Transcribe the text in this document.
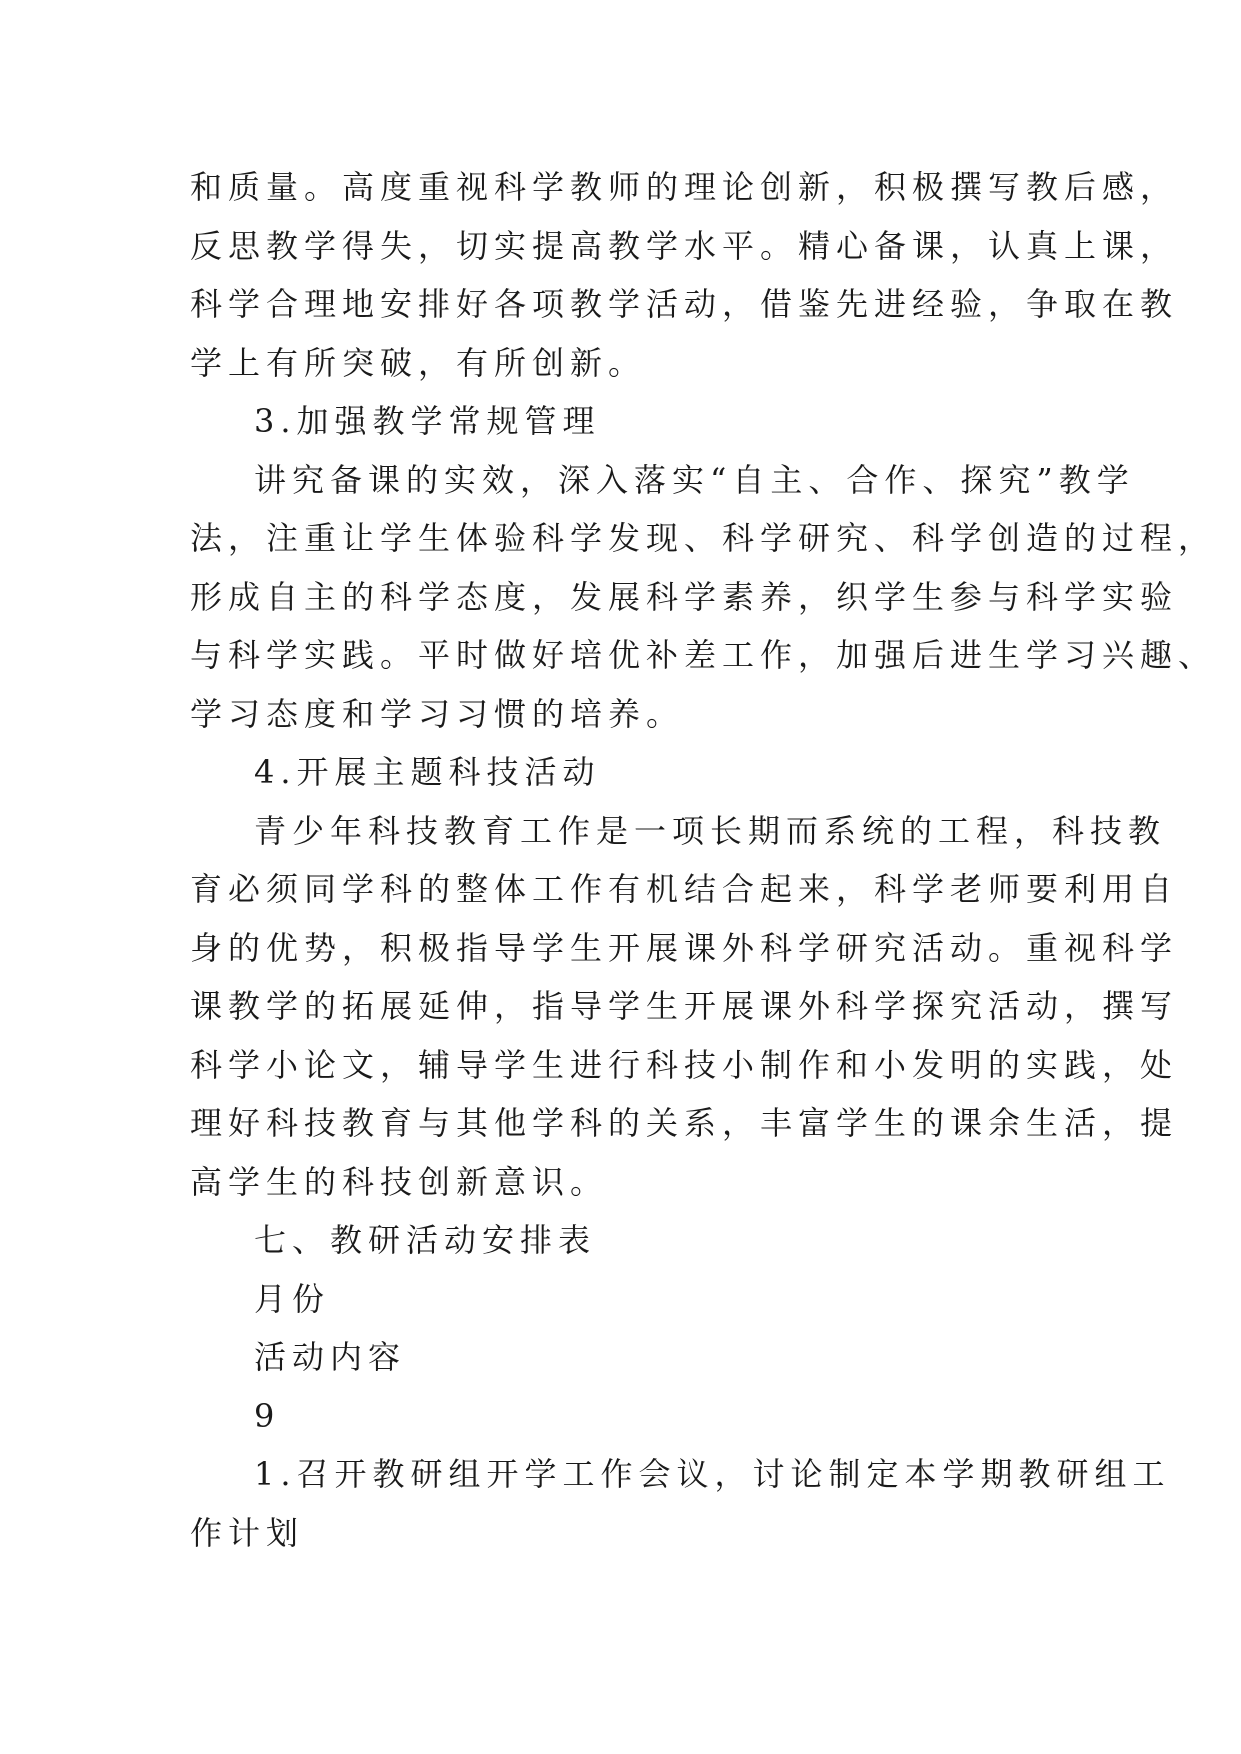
和质量。高度重视科学教师的理论创新，积极撰写教后感，
反思教学得失，切实提高教学水平。精心备课，认真上课，
科学合理地安排好各项教学活动，借鉴先进经验，争取在教
学上有所突破，有所创新。
3.加强教学常规管理
讲究备课的实效，深入落实“自主、合作、探究”教学
法，注重让学生体验科学发现、科学研究、科学创造的过程，
形成自主的科学态度，发展科学素养，织学生参与科学实验
与科学实践。平时做好培优补差工作，加强后进生学习兴趣、
学习态度和学习习惯的培养。
4.开展主题科技活动
青少年科技教育工作是一项长期而系统的工程，科技教
育必须同学科的整体工作有机结合起来，科学老师要利用自
身的优势，积极指导学生开展课外科学研究活动。重视科学
课教学的拓展延伸，指导学生开展课外科学探究活动，撰写
科学小论文，辅导学生进行科技小制作和小发明的实践，处
理好科技教育与其他学科的关系，丰富学生的课余生活，提
高学生的科技创新意识。
七、教研活动安排表
月份
活动内容
9
1.召开教研组开学工作会议，讨论制定本学期教研组工
作计划
